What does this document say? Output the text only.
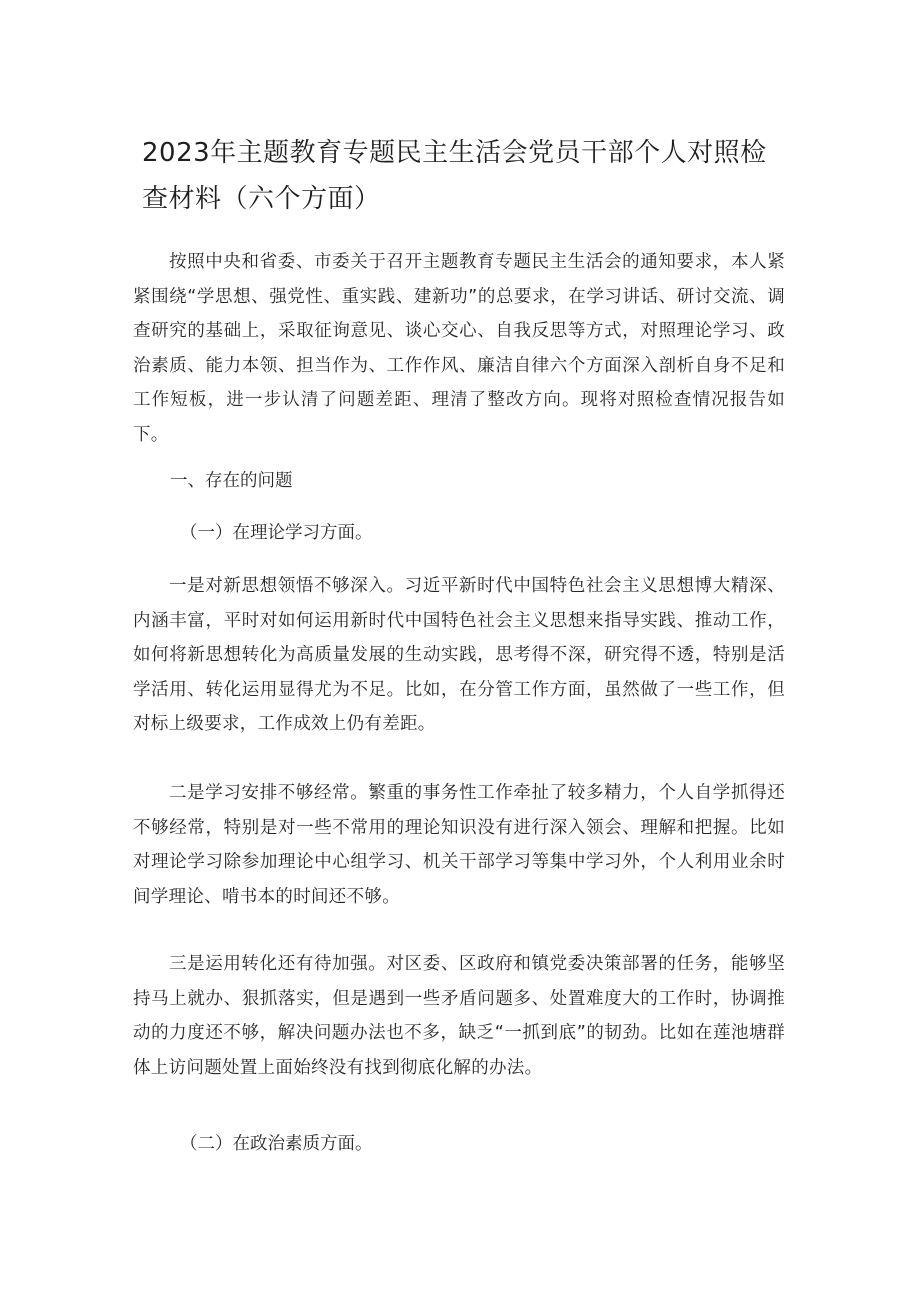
2023年主题教育专题民主生活会党员干部个人对照检查材料（六个方面）

按照中央和省委、市委关于召开主题教育专题民主生活会的通知要求，本人紧紧围绕“学思想、强党性、重实践、建新功”的总要求，在学习讲话、研讨交流、调查研究的基础上，采取征询意见、谈心交心、自我反思等方式，对照理论学习、政治素质、能力本领、担当作为、工作作风、廉洁自律六个方面深入剖析自身不足和工作短板，进一步认清了问题差距、理清了整改方向。现将对照检查情况报告如下。

一、存在的问题

（一）在理论学习方面。

一是对新思想领悟不够深入。习近平新时代中国特色社会主义思想博大精深、内涵丰富，平时对如何运用新时代中国特色社会主义思想来指导实践、推动工作，如何将新思想转化为高质量发展的生动实践，思考得不深，研究得不透，特别是活学活用、转化运用显得尤为不足。比如，在分管工作方面，虽然做了一些工作，但对标上级要求，工作成效上仍有差距。

二是学习安排不够经常。繁重的事务性工作牵扯了较多精力，个人自学抓得还不够经常，特别是对一些不常用的理论知识没有进行深入领会、理解和把握。比如对理论学习除参加理论中心组学习、机关干部学习等集中学习外，个人利用业余时间学理论、啃书本的时间还不够。

三是运用转化还有待加强。对区委、区政府和镇党委决策部署的任务，能够坚持马上就办、狠抓落实，但是遇到一些矛盾问题多、处置难度大的工作时，协调推动的力度还不够，解决问题办法也不多，缺乏“一抓到底”的韧劲。比如在莲池塘群体上访问题处置上面始终没有找到彻底化解的办法。

（二）在政治素质方面。
